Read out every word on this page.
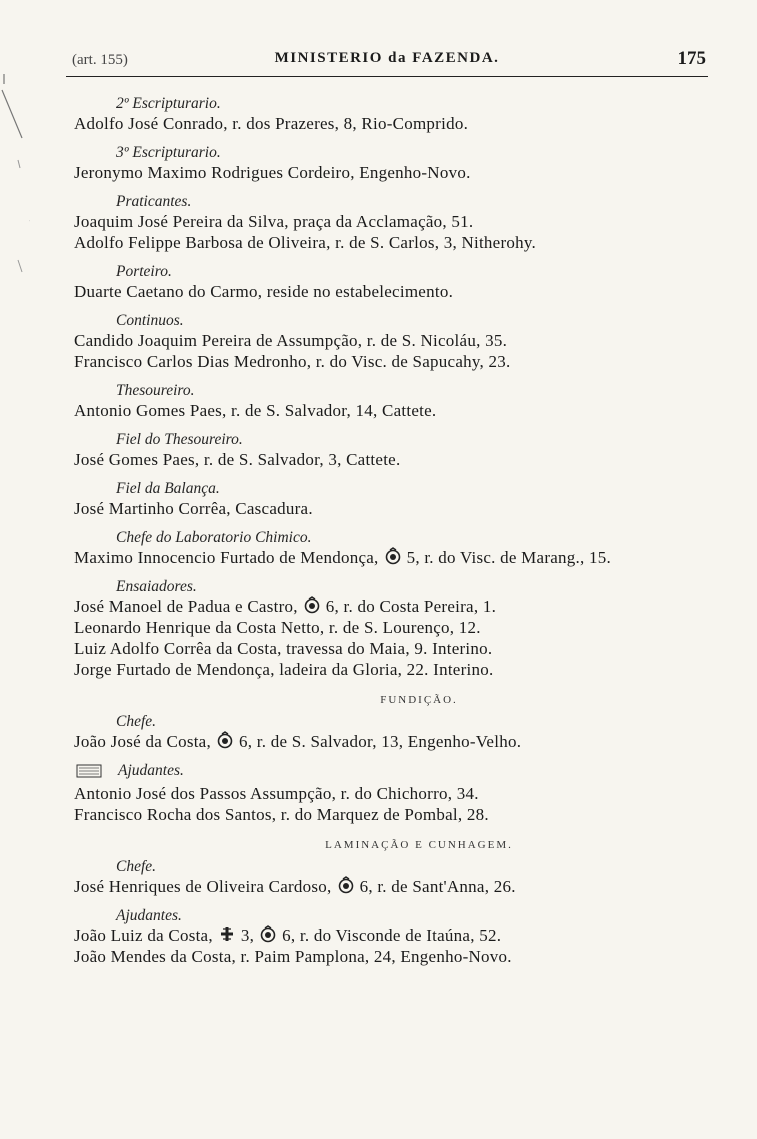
(art. 155)	MINISTERIO da FAZENDA.	175
2º Escripturario.
Adolfo José Conrado, r. dos Prazeres, 8, Rio-Comprido.
3º Escripturario.
Jeronymo Maximo Rodrigues Cordeiro, Engenho-Novo.
Praticantes.
Joaquim José Pereira da Silva, praça da Acclamação, 51.
Adolfo Felippe Barbosa de Oliveira, r. de S. Carlos, 3, Nitherohy.
Porteiro.
Duarte Caetano do Carmo, reside no estabelecimento.
Continuos.
Candido Joaquim Pereira de Assumpção, r. de S. Nicoláu, 35.
Francisco Carlos Dias Medronho, r. do Visc. de Sapucahy, 23.
Thesoureiro.
Antonio Gomes Paes, r. de S. Salvador, 14, Cattete.
Fiel do Thesoureiro.
José Gomes Paes, r. de S. Salvador, 3, Cattete.
Fiel da Balança.
José Martinho Corrêa, Cascadura.
Chefe do Laboratorio Chimico.
Maximo Innocencio Furtado de Mendonça, 5, r. do Visc. de Marang., 15.
Ensaiadores.
José Manoel de Padua e Castro, 6, r. do Costa Pereira, 1.
Leonardo Henrique da Costa Netto, r. de S. Lourenço, 12.
Luiz Adolfo Corrêa da Costa, travessa do Maia, 9. Interino.
Jorge Furtado de Mendonça, ladeira da Gloria, 22. Interino.
FUNDIÇÃO.
Chefe.
João José da Costa, 6, r. de S. Salvador, 13, Engenho-Velho.
Ajudantes.
Antonio José dos Passos Assumpção, r. do Chichorro, 34.
Francisco Rocha dos Santos, r. do Marquez de Pombal, 28.
LAMINAÇÃO E CUNHAGEM.
Chefe.
José Henriques de Oliveira Cardoso, 6, r. de Sant'Anna, 26.
Ajudantes.
João Luiz da Costa, 3, 6, r. do Visconde de Itaúna, 52.
João Mendes da Costa, r. Paim Pamplona, 24, Engenho-Novo.
